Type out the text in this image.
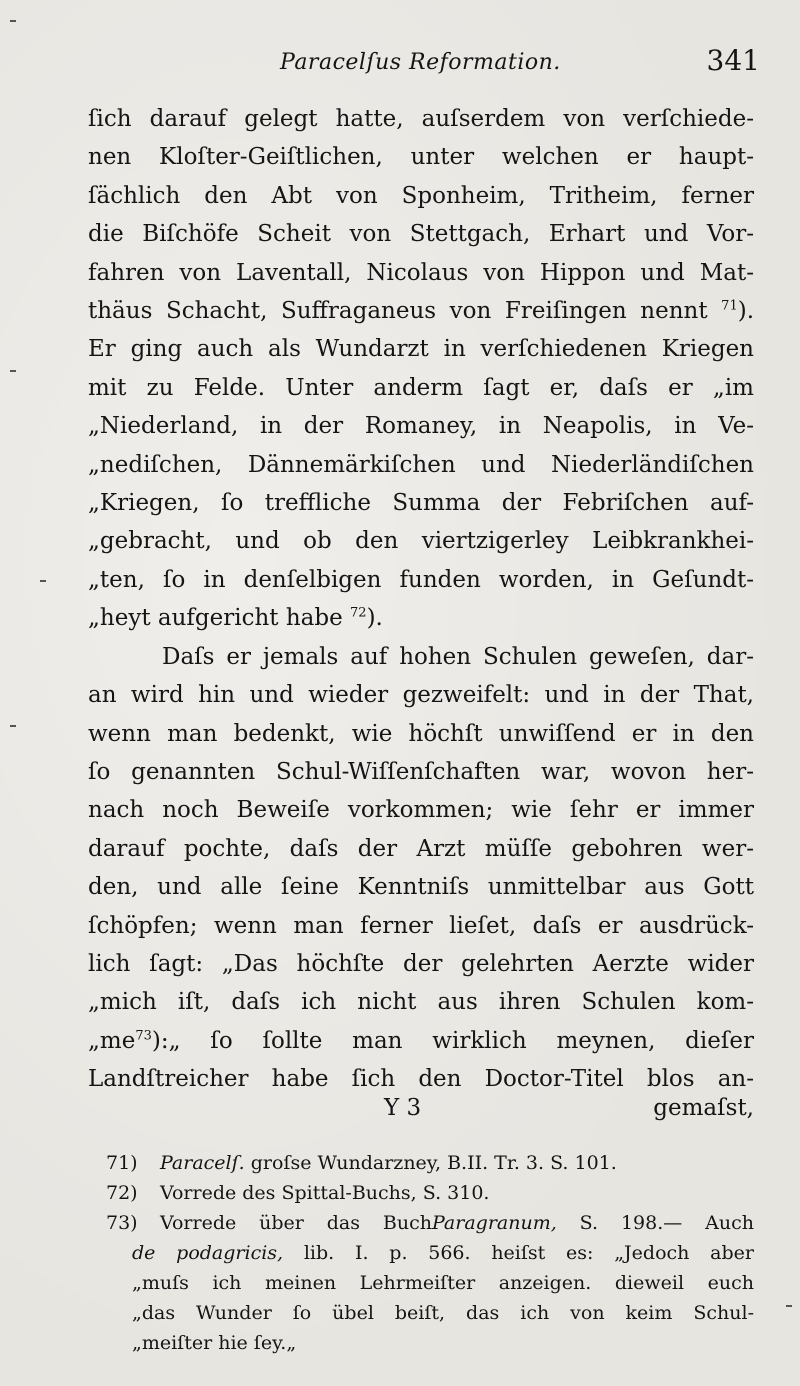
Paracelſus Reformation.	341
ſich darauf gelegt hatte, auſserdem von verſchiede-
nen Kloſter-Geiſtlichen, unter welchen er haupt-
ſächlich den Abt von Sponheim, Tritheim, ferner
die Biſchöfe Scheit von Stettgach, Erhart und Vor-
fahren von Laventall, Nicolaus von Hippon und Mat-
thäus Schacht, Suffraganeus von Freiſingen nennt $^{71}$).
Er ging auch als Wundarzt in verſchiedenen Kriegen
mit zu Felde. Unter anderm ſagt er, daſs er „im
„Niederland, in der Romaney, in Neapolis, in Ve-
„nediſchen, Dännemärkiſchen und Niederländiſchen
„Kriegen, ſo treffliche Summa der Febriſchen auf-
„gebracht, und ob den viertzigerley Leibkrankhei-
„ten, ſo in denſelbigen funden worden, in Geſundt-
„heyt aufgericht habe $^{72}$).
Daſs er jemals auf hohen Schulen geweſen, dar-
an wird hin und wieder gezweifelt: und in der That,
wenn man bedenkt, wie höchſt unwiſſend er in den
ſo genannten Schul-Wiſſenſchaften war, wovon her-
nach noch Beweiſe vorkommen; wie ſehr er immer
darauf pochte, daſs der Arzt müſſe gebohren wer-
den, und alle ſeine Kenntniſs unmittelbar aus Gott
ſchöpfen; wenn man ferner lieſet, daſs er ausdrück-
lich ſagt: „Das höchſte der gelehrten Aerzte wider
„mich iſt, daſs ich nicht aus ihren Schulen kom-
$„me^{73}):„$ ſo ſollte man wirklich meynen, dieſer
Landſtreicher habe ſich den Doctor-Titel blos an-
Y 3	gemaſst,
71) Paracelſ. groſse Wundarzney, B.II. Tr. 3. S. 101.
72) Vorrede des Spittal-Buchs, S. 310.
73) Vorrede über das BuchParagranum, S. 198.— Auch
de podagricis, lib. I. p. 566. heiſst es: „Jedoch aber
„muſs ich meinen Lehrmeiſter anzeigen. dieweil euch
„das Wunder ſo übel beiſt, das ich von keim Schul-
„meiſter hie ſey.„
